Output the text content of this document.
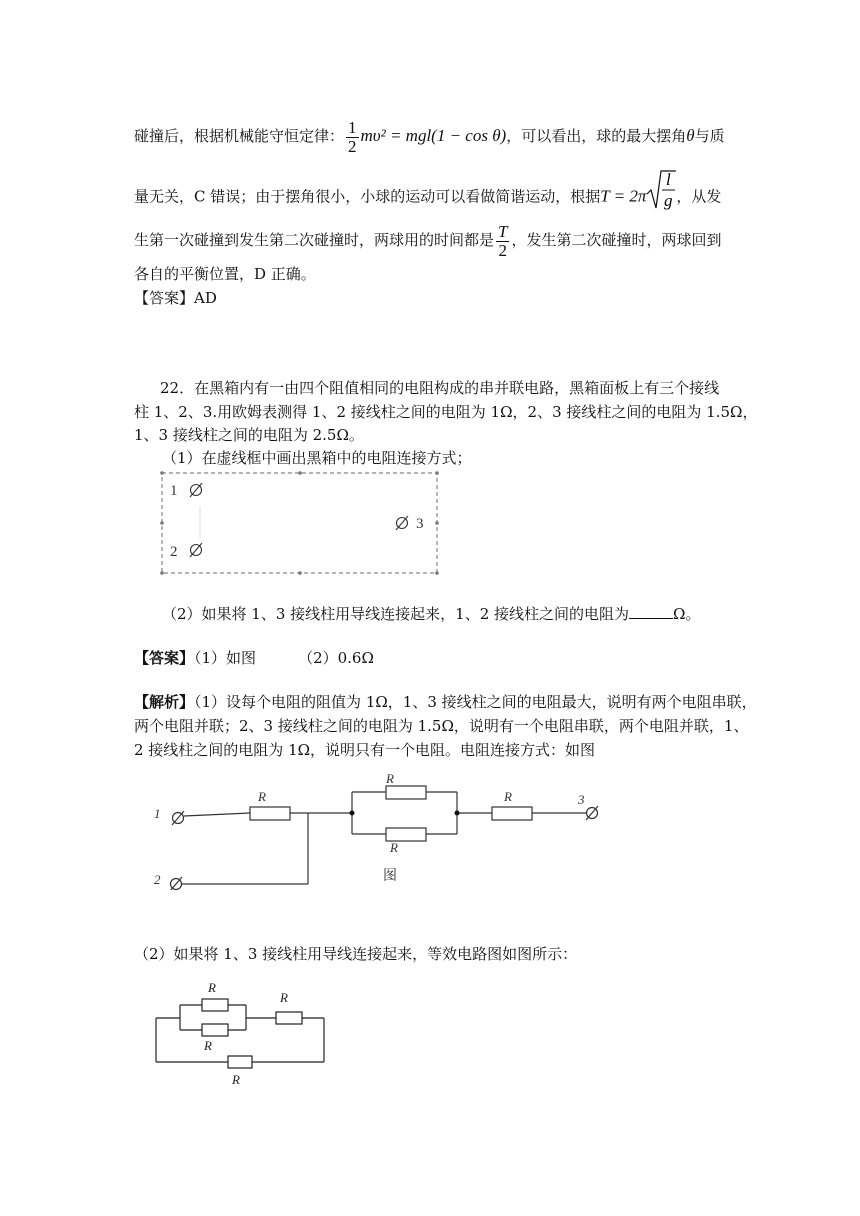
碰撞后，根据机械能守恒定律： $\frac{1}{2} m\upsilon^2 = mgl(1 - \cos \theta)$，可以看出，球的最大摆角θ与质
量无关，C 错误；由于摆角很小，小球的运动可以看做简谐运动，根据T = 2π
l
g ，从发
生第一次碰撞到发生第二次碰撞时，两球用的时间都是 $\frac{T}{2}$ ，发生第二次碰撞时，两球回到
各自的平衡位置，D 正确。
【答案】AD
22．在黑箱内有一由四个阻值相同的电阻构成的串并联电路，黑箱面板上有三个接线
柱 1、2、3.用欧姆表测得 1、2 接线柱之间的电阻为 1Ω，2、3 接线柱之间的电阻为 1.5Ω，
1、3 接线柱之间的电阻为 2.5Ω。
（1）在虚线框中画出黑箱中的电阻连接方式；
1
2
3
（2）如果将 1、3 接线柱用导线连接起来，1、2 接线柱之间的电阻为	Ω。
【答案】（1）如图	（2）0.6Ω
【解析】（1）设每个电阻的阻值为 1Ω，1、3 接线柱之间的电阻最大，说明有两个电阻串联，
两个电阻并联；2、3 接线柱之间的电阻为 1.5Ω，说明有一个电阻串联，两个电阻并联，1、
2 接线柱之间的电阻为 1Ω，说明只有一个电阻。电阻连接方式：如图
1
2
3
R
R
R
R
图
（2）如果将 1、3 接线柱用导线连接起来，等效电路图如图所示：
R
R
R
R
